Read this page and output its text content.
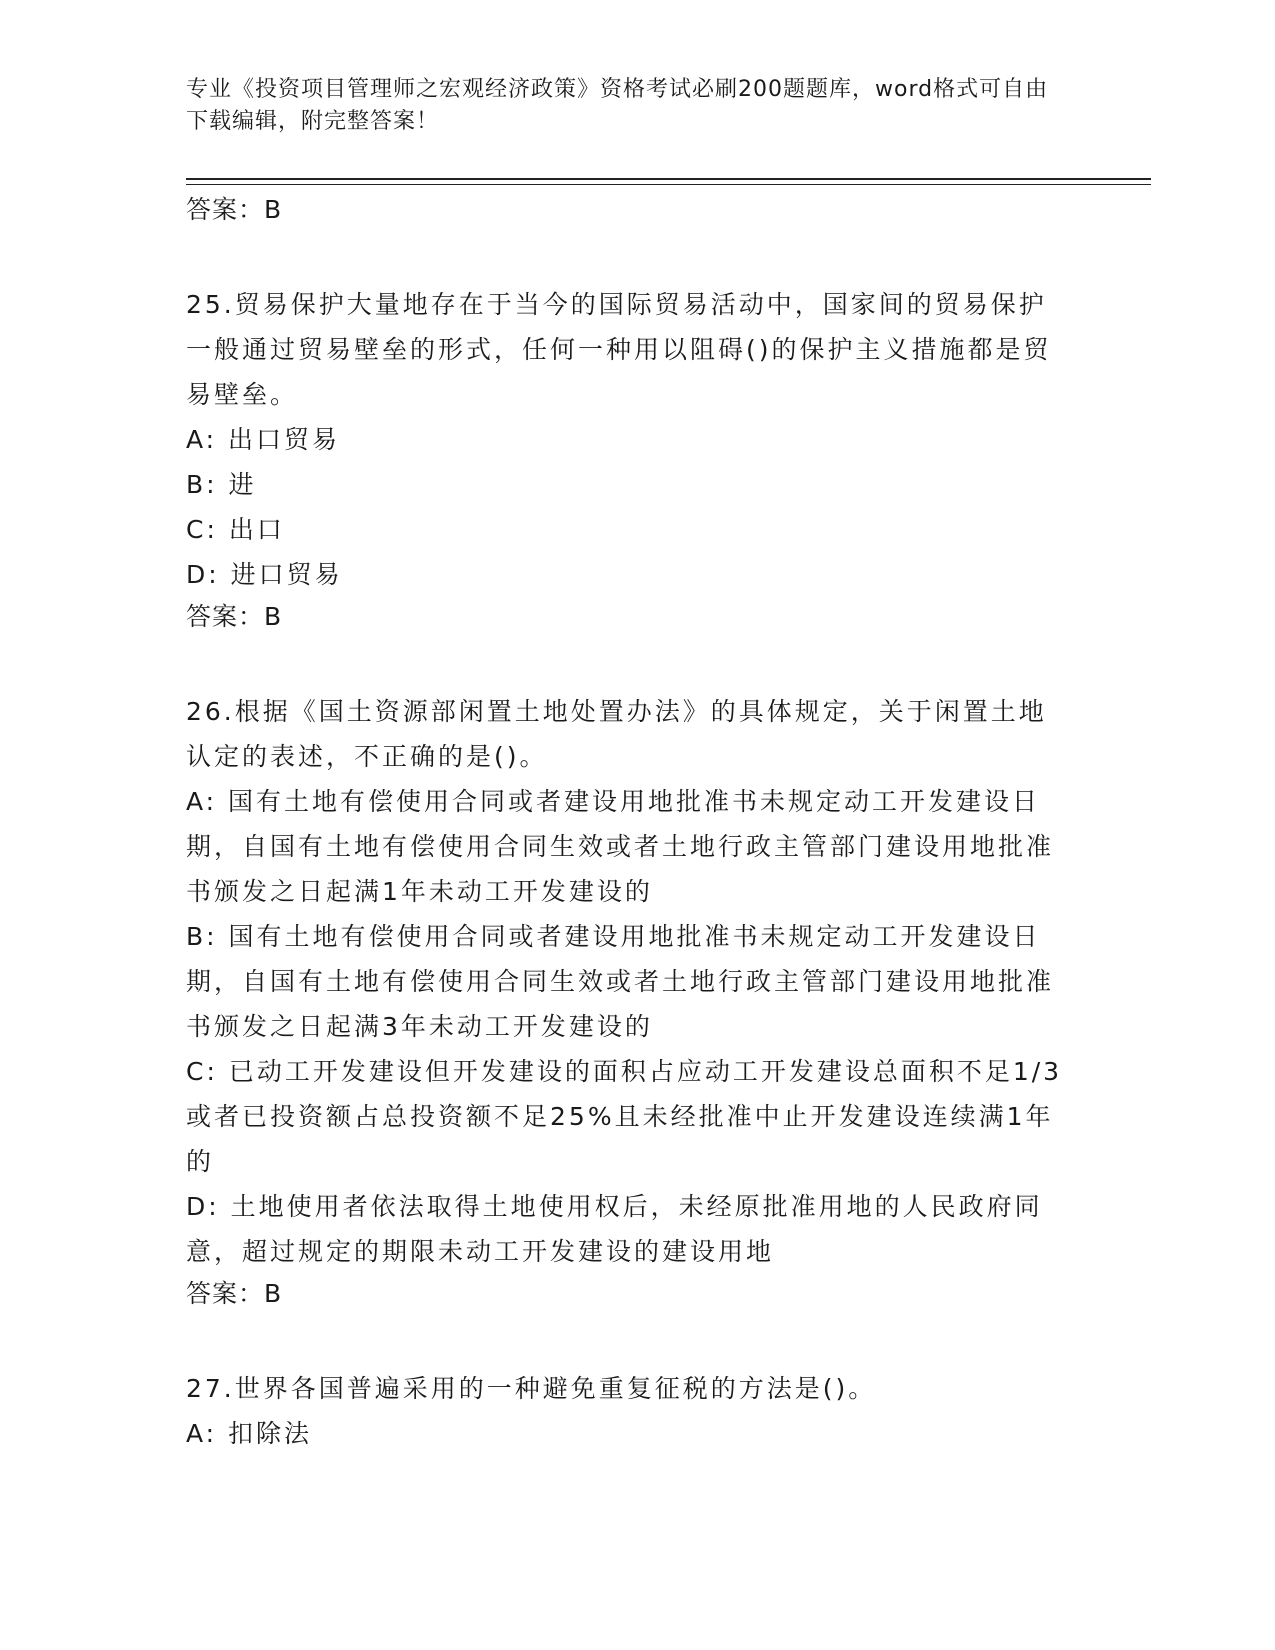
专业《投资项目管理师之宏观经济政策》资格考试必刷200题题库，word格式可自由下载编辑，附完整答案！

答案：B

25.贸易保护大量地存在于当今的国际贸易活动中，国家间的贸易保护一般通过贸易壁垒的形式，任何一种用以阻碍()的保护主义措施都是贸易壁垒。

A: 出口贸易

B: 进

C: 出口

D: 进口贸易

答案：B

26.根据《国土资源部闲置土地处置办法》的具体规定，关于闲置土地认定的表述，不正确的是()。

A: 国有土地有偿使用合同或者建设用地批准书未规定动工开发建设日期，自国有土地有偿使用合同生效或者土地行政主管部门建设用地批准书颁发之日起满1年未动工开发建设的

B: 国有土地有偿使用合同或者建设用地批准书未规定动工开发建设日期，自国有土地有偿使用合同生效或者土地行政主管部门建设用地批准书颁发之日起满3年未动工开发建设的

C: 已动工开发建设但开发建设的面积占应动工开发建设总面积不足1/3或者已投资额占总投资额不足25%且未经批准中止开发建设连续满1年的

D: 土地使用者依法取得土地使用权后，未经原批准用地的人民政府同意，超过规定的期限未动工开发建设的建设用地

答案：B

27.世界各国普遍采用的一种避免重复征税的方法是()。

A: 扣除法
